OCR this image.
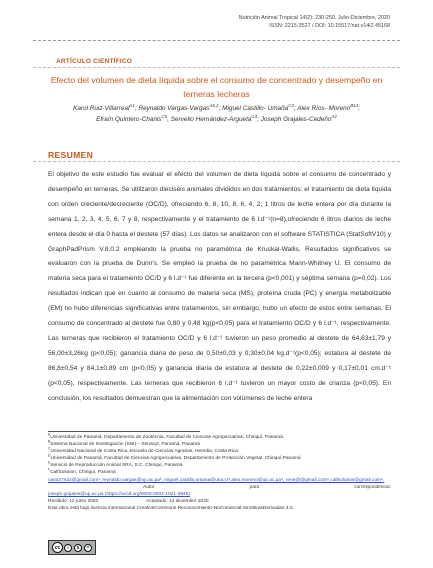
Nutrición Animal Tropical 14(2): 230-250. Julio-Diciembre, 2020
ISSN: 2215-3527 / DOI: 10.15517/nat.v14i2.45168
ARTÍCULO CIENTÍFICO
Efecto del volumen de dieta líquida sobre el consumo de concentrado y desempeño en terneras lecheras
Karol Ruiz-Villarreal$^{A1}$; Reynaldo Vargas-Vargas$^{A6,2}$; Miguel Castillo- Umaña$^{C3}$; Alex Ríos- Moreno$^{B14}$; Efraín Quintero-Chanis$^{C5}$, Servelio Hernández-Argueta$^{C4}$; Joseph Grajales-Cedeño$^{A2}$
RESUMEN
El objetivo de este estudio fue evaluar el efecto del volumen de dieta líquida sobre el consumo de concentrado y desempeño en terneras. Se utilizaron dieciséis animales divididos en dos tratamientos: el tratamiento de dieta líquida con orden creciente/decreciente (OC/D), ofreciendo 6, 8, 10, 8, 6, 4, 2, 1 litros de leche entera por día durante la semana 1, 2, 3, 4, 5, 6, 7 y 8, respectivamente y el tratamiento de 6 l.d⁻¹(n=8),ofreciendo 6 litros diarios de leche entera desde el día 0 hasta el destete (57 días). Los datos se analizaron con el software STATISTICA (StatSoftV10) y GraphPadPrism V.8.0.2 empleando la prueba no paramétrica de Kruskal-Wallis. Resultados significativos se evaluaron con la prueba de Dunn's. Se empleó la prueba de no paramétrica Mann-Whitney U. El consumo de materia seca para el tratamiento OC/D y 6 l.d⁻¹ fue diferente en la tercera (p<0,001) y séptima semana (p=0,02). Los resultados indican que en cuanto al consumo de materia seca (MS), proteína cruda (PC) y energía metabolizable (EM) no hubo diferencias significativas entre tratamientos, sin embargo, hubo un efecto de estos entre semanas. El consumo de concentrado al destete fue 0,80 y 0,48 kg(p<0,05) para el tratamiento OC/D y 6 l.d⁻¹, respectivamente. Las terneras que recibieron el tratamiento OC/D y 6 l.d⁻¹ tuvieron un peso promedio al destete de 64,63±1,79 y 56,00±3,26kg (p<0,05); ganancia diaria de peso de 0,50±0,03 y 0,30±0,04 kg.d⁻¹(p<0,05); estatura al destete de 86,8±0,54 y 84,1±0,89 cm (p<0,05) y ganancia diaria de estatura al destete de 0,22±0,009 y 0,17±0,01 cm.d⁻¹ (p<0,05), respectivamente. Las terneras que recibieron 6 l.d⁻¹ tuvieron un mayor costo de crianza (p<0,05). En conclusión, los resultados demuestran que la alimentación con volúmenes de leche entera
$^A$Universidad de Panamá, Departamento de Zootecnia, Facultad de Ciencias Agropecuarias, Chiriquí, Panamá.
$^B$Sistema Nacional de Investigación (SNI) – Senacyt, Panamá, Panamá
$^C$Universidad Nacional de Costa Rica, Escuela de Ciencias Agrarias, Heredia, Costa Rica
$^D$Universidad de Panamá, Facultad de Ciencias Agropecuarias, Departamento de Protección Vegetal. Chiriquí,Panamá
$^E$Servicio de Reproducción Animal SRA, S.C. Chiriquí, Panamá.
$^F$CalfSolution, Chiriquí, Panamá
carol27ruiz@gmail.com¹, reynaldo.vargas@up.ac.pa², miguel.castillo.umana@una.cr³,alex.moreno@up.ac.pa⁴, rene@@gmail.com⁵,calfsolution@gmail.com⁶.
Autor	para	correspondencia:
joseph.grajales@up.ac.pa (https://orcid.org/0000-0002-1021-3945)
Recibido: 12 junio 2020	Aceptado: 14 diciembre 2020
Esta obra está bajo licencia internacional CreativeCommons Reconocimiento-NoComercial-SinObrasDerivadas 4.0.
cc	i	$	=
